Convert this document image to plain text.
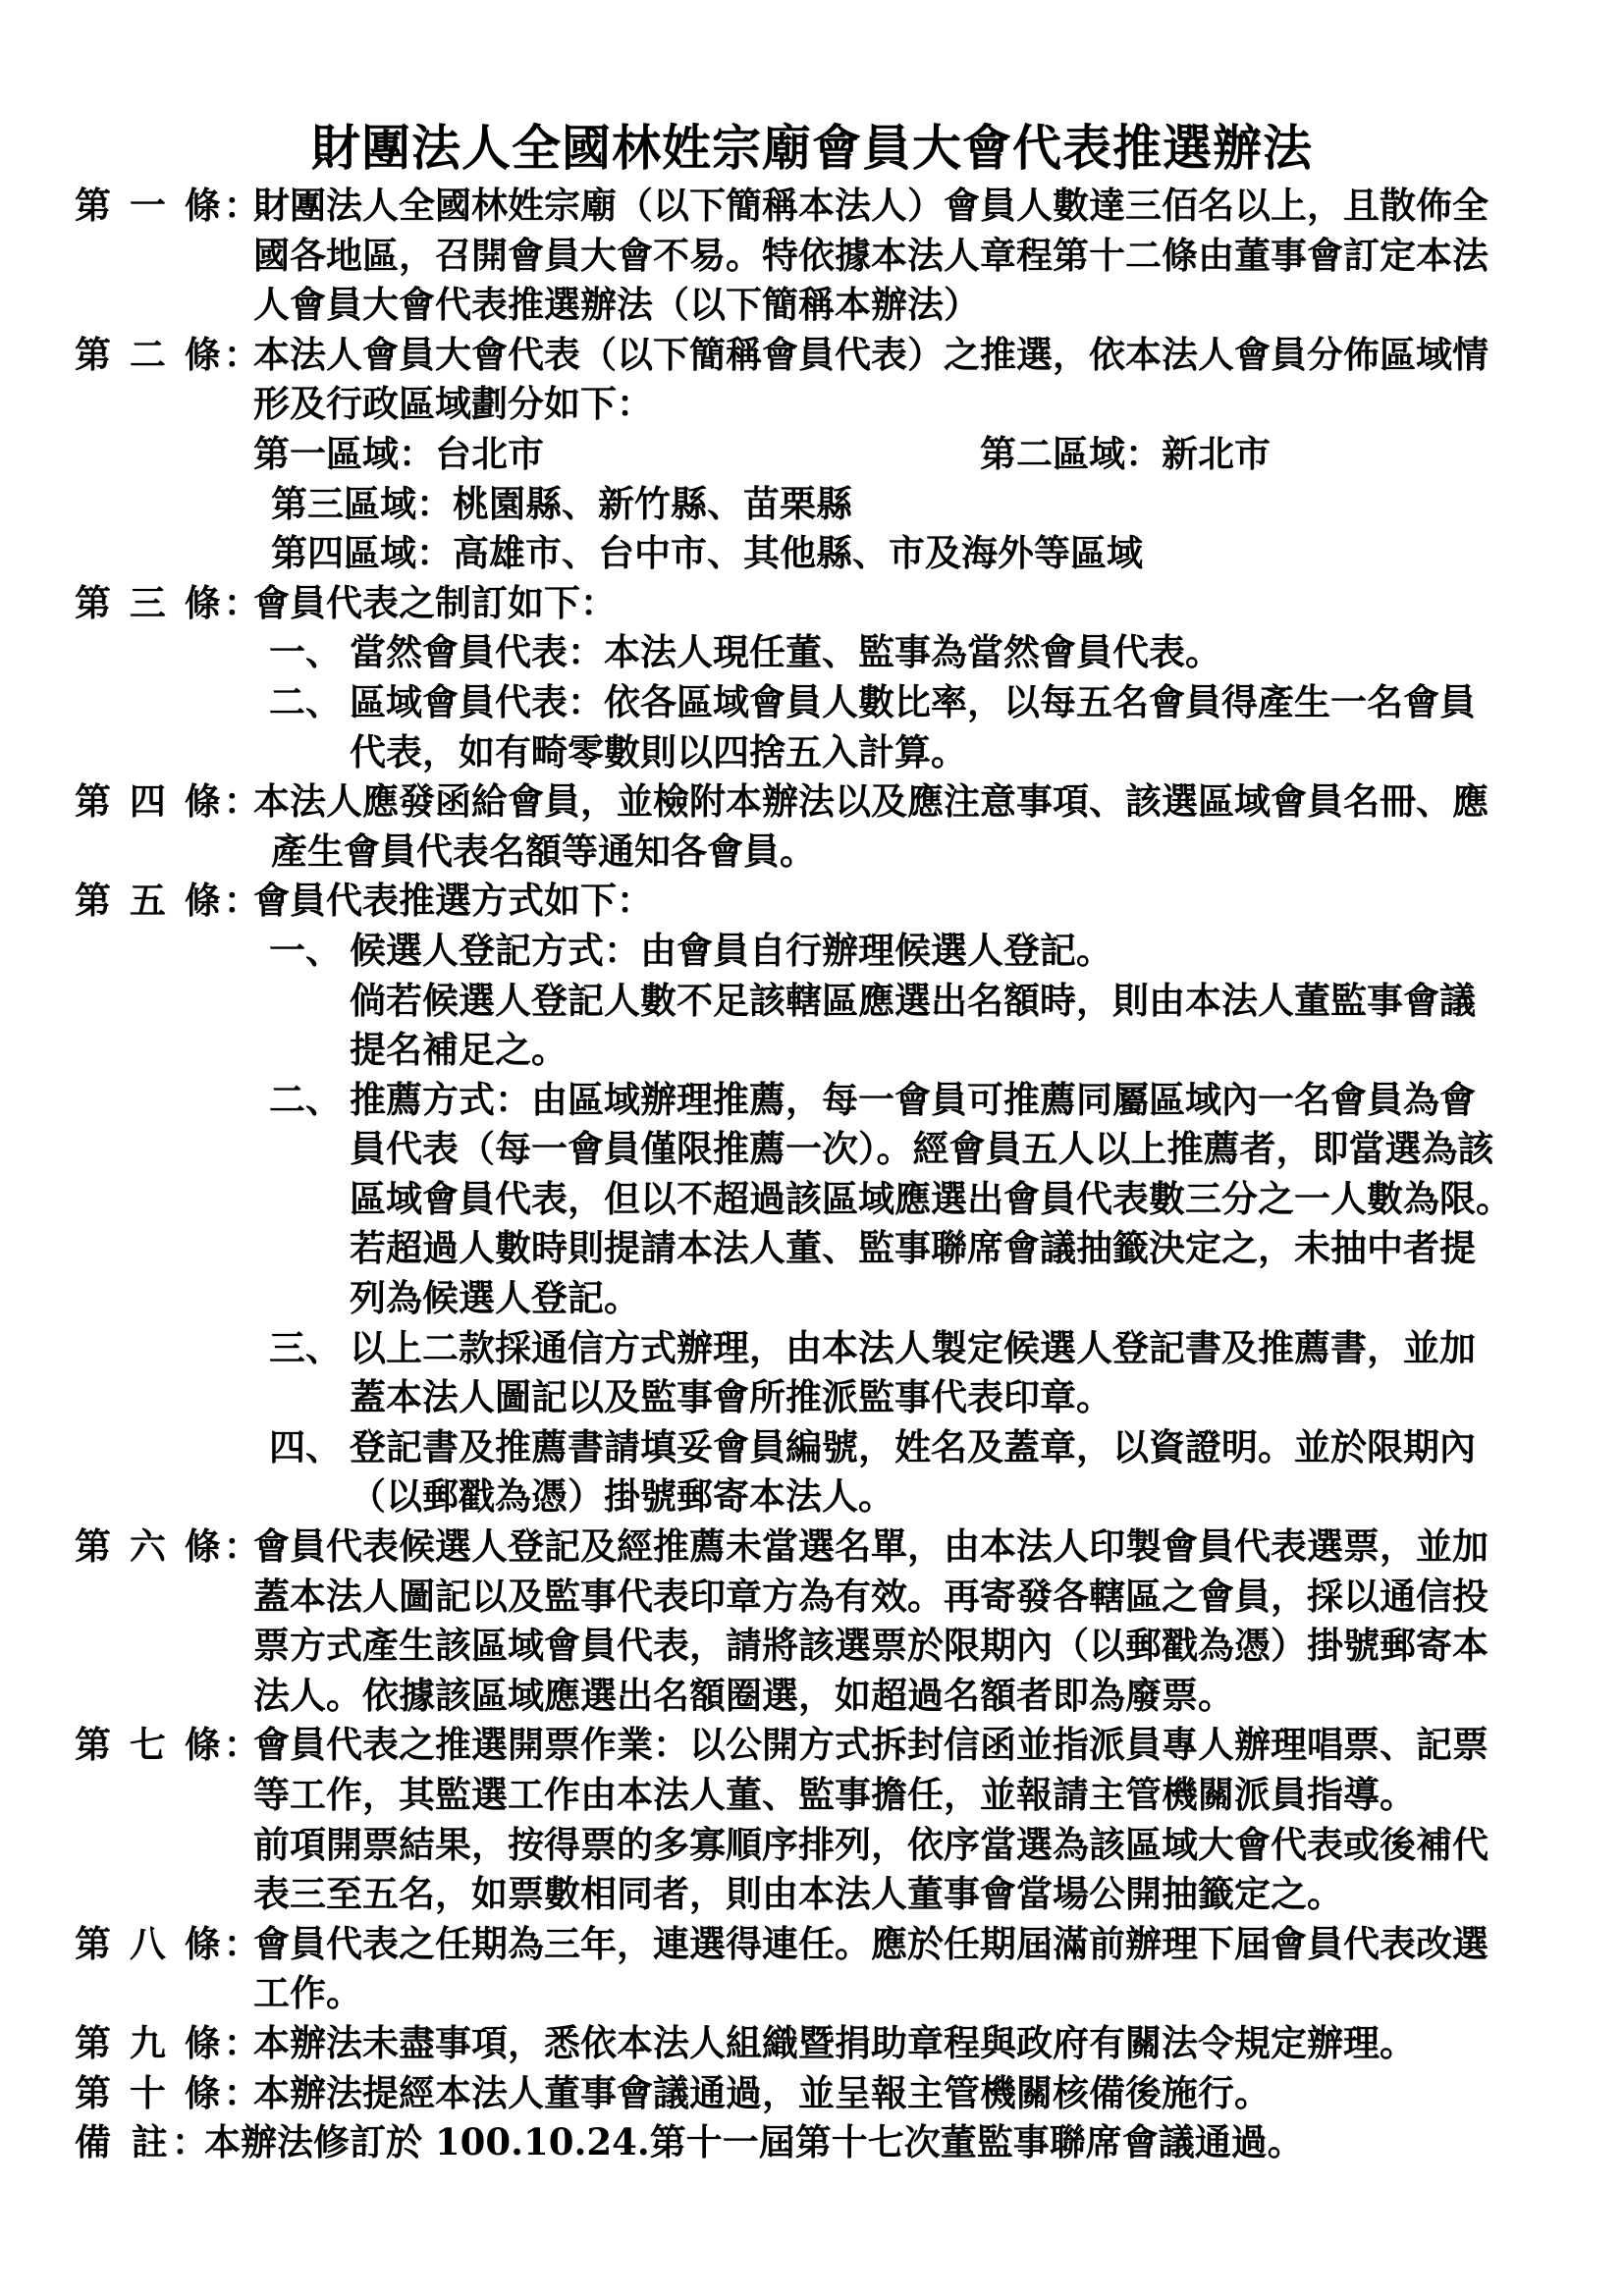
財團法人全國林姓宗廟會員大會代表推選辦法
第 一 條：
財團法人全國林姓宗廟（以下簡稱本法人）會員人數達三佰名以上，且散佈全
國各地區，召開會員大會不易。特依據本法人章程第十二條由董事會訂定本法
人會員大會代表推選辦法（以下簡稱本辦法）
第 二 條：
本法人會員大會代表（以下簡稱會員代表）之推選，依本法人會員分佈區域情
形及行政區域劃分如下：
第一區域：台北市	第二區域：新北市
第三區域：桃園縣、新竹縣、苗栗縣
第四區域：高雄市、台中市、其他縣、市及海外等區域
第 三 條：
會員代表之制訂如下：
一、 當然會員代表：本法人現任董、監事為當然會員代表。
二、 區域會員代表：依各區域會員人數比率，以每五名會員得產生一名會員
代表，如有畸零數則以四捨五入計算。
第 四 條：
本法人應發函給會員，並檢附本辦法以及應注意事項、該選區域會員名冊、應
產生會員代表名額等通知各會員。
第 五 條：
會員代表推選方式如下：
一、 候選人登記方式：由會員自行辦理候選人登記。
倘若候選人登記人數不足該轄區應選出名額時，則由本法人董監事會議
提名補足之。
二、 推薦方式：由區域辦理推薦，每一會員可推薦同屬區域內一名會員為會
員代表（每一會員僅限推薦一次）。經會員五人以上推薦者，即當選為該
區域會員代表，但以不超過該區域應選出會員代表數三分之一人數為限。
若超過人數時則提請本法人董、監事聯席會議抽籤決定之，未抽中者提
列為候選人登記。
三、 以上二款採通信方式辦理，由本法人製定候選人登記書及推薦書，並加
蓋本法人圖記以及監事會所推派監事代表印章。
四、 登記書及推薦書請填妥會員編號，姓名及蓋章，以資證明。並於限期內
（以郵戳為憑）掛號郵寄本法人。
第 六 條：
會員代表候選人登記及經推薦未當選名單，由本法人印製會員代表選票，並加
蓋本法人圖記以及監事代表印章方為有效。再寄發各轄區之會員，採以通信投
票方式產生該區域會員代表，請將該選票於限期內（以郵戳為憑）掛號郵寄本
法人。依據該區域應選出名額圈選，如超過名額者即為廢票。
第 七 條：
會員代表之推選開票作業：以公開方式拆封信函並指派員專人辦理唱票、記票
等工作，其監選工作由本法人董、監事擔任，並報請主管機關派員指導。
前項開票結果，按得票的多寡順序排列，依序當選為該區域大會代表或後補代
表三至五名，如票數相同者，則由本法人董事會當場公開抽籤定之。
第 八 條：
會員代表之任期為三年，連選得連任。應於任期屆滿前辦理下屆會員代表改選
工作。
第 九 條：
本辦法未盡事項，悉依本法人組織暨捐助章程與政府有關法令規定辦理。
第 十 條：
本辦法提經本法人董事會議通過，並呈報主管機關核備後施行。
備 註：
本辦法修訂於 100.10.24.第十一屆第十七次董監事聯席會議通過。
